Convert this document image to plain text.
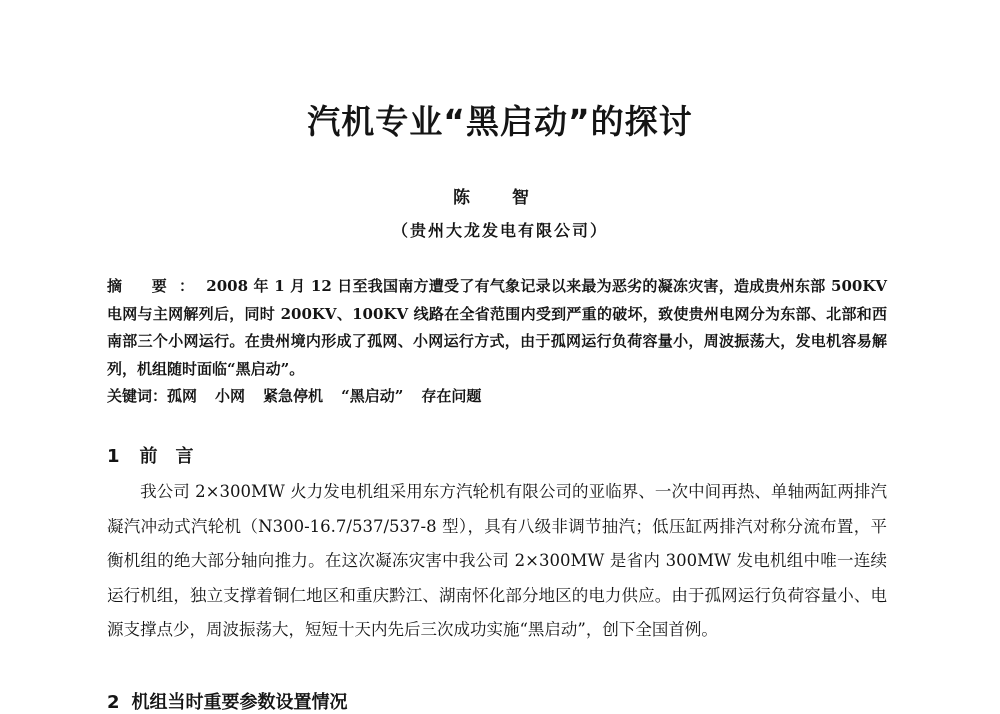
汽机专业“黑启动”的探讨
陈 智
（贵州大龙发电有限公司）
摘 要：2008 年 1 月 12 日至我国南方遭受了有气象记录以来最为恶劣的凝冻灾害，造成贵州东部 500KV 电网与主网解列后，同时 200KV、100KV 线路在全省范围内受到严重的破坏，致使贵州电网分为东部、北部和西南部三个小网运行。在贵州境内形成了孤网、小网运行方式，由于孤网运行负荷容量小，周波振荡大，发电机容易解列，机组随时面临“黑启动”。
关键词：孤网 小网 紧急停机 “黑启动” 存在问题
1 前言
我公司 2×300MW 火力发电机组采用东方汽轮机有限公司的亚临界、一次中间再热、单轴两缸两排汽凝汽冲动式汽轮机（N300-16.7/537/537-8 型），具有八级非调节抽汽；低压缸两排汽对称分流布置，平衡机组的绝大部分轴向推力。在这次凝冻灾害中我公司 2×300MW 是省内 300MW 发电机组中唯一连续运行机组，独立支撑着铜仁地区和重庆黔江、湖南怀化部分地区的电力供应。由于孤网运行负荷容量小、电源支撑点少，周波振荡大，短短十天内先后三次成功实施“黑启动”，创下全国首例。
2 机组当时重要参数设置情况
